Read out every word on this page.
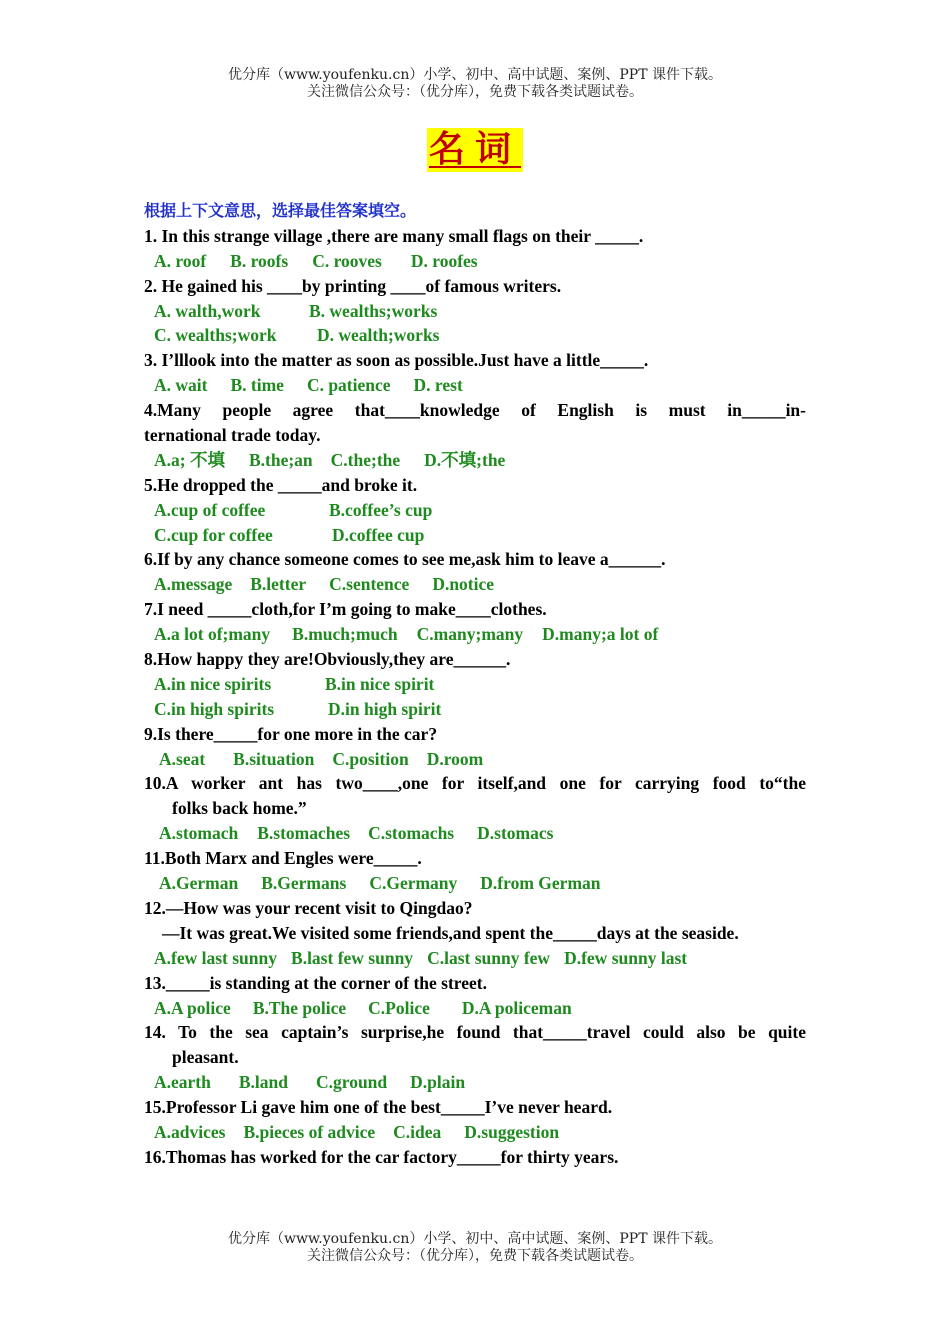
优分库（www.youfenku.cn）小学、初中、高中试题、案例、PPT 课件下载。
关注微信公众号：（优分库），免费下载各类试题试卷。
名词
根据上下文意思，选择最佳答案填空。
1. In this strange village ,there are many small flags on their _____.
A. roof B. roofs C. rooves D. roofes
2. He gained his ____by printing ____of famous writers.
A. walth,work	B. wealths;works
C. wealths;work D. wealth;works
3. I’lllook into the matter as soon as possible.Just have a little_____.
A. wait B. time C. patience D. rest
4.Many people agree that____knowledge of English is must in_____in-
ternational trade today.
A.a; 不填 B.the;an C.the;the D.不填;the
5.He dropped the _____and broke it.
A.cup of coffee	B.coffee’s cup
C.cup for coffee	D.coffee cup
6.If by any chance someone comes to see me,ask him to leave a______.
A.message B.letter C.sentence D.notice
7.I need _____cloth,for I’m going to make____clothes.
A.a lot of;many B.much;much C.many;many D.many;a lot of
8.How happy they are!Obviously,they are______.
A.in nice spirits	B.in nice spirit
C.in high spirits	D.in high spirit
9.Is there_____for one more in the car?
A.seat B.situation C.position D.room
10.A worker ant has two____,one for itself,and one for carrying food to“the
folks back home.”
A.stomach B.stomaches C.stomachs D.stomacs
11.Both Marx and Engles were_____.
A.German B.Germans C.Germany D.from German
12.—How was your recent visit to Qingdao?
—It was great.We visited some friends,and spent the_____days at the seaside.
A.few last sunny B.last few sunny C.last sunny few D.few sunny last
13._____is standing at the corner of the street.
A.A police B.The police C.Police D.A policeman
14. To the sea captain’s surprise,he found that_____travel could also be quite
pleasant.
A.earth B.land C.ground D.plain
15.Professor Li gave him one of the best_____I’ve never heard.
A.advices B.pieces of advice C.idea D.suggestion
16.Thomas has worked for the car factory_____for thirty years.
优分库（www.youfenku.cn）小学、初中、高中试题、案例、PPT 课件下载。
关注微信公众号：（优分库），免费下载各类试题试卷。
